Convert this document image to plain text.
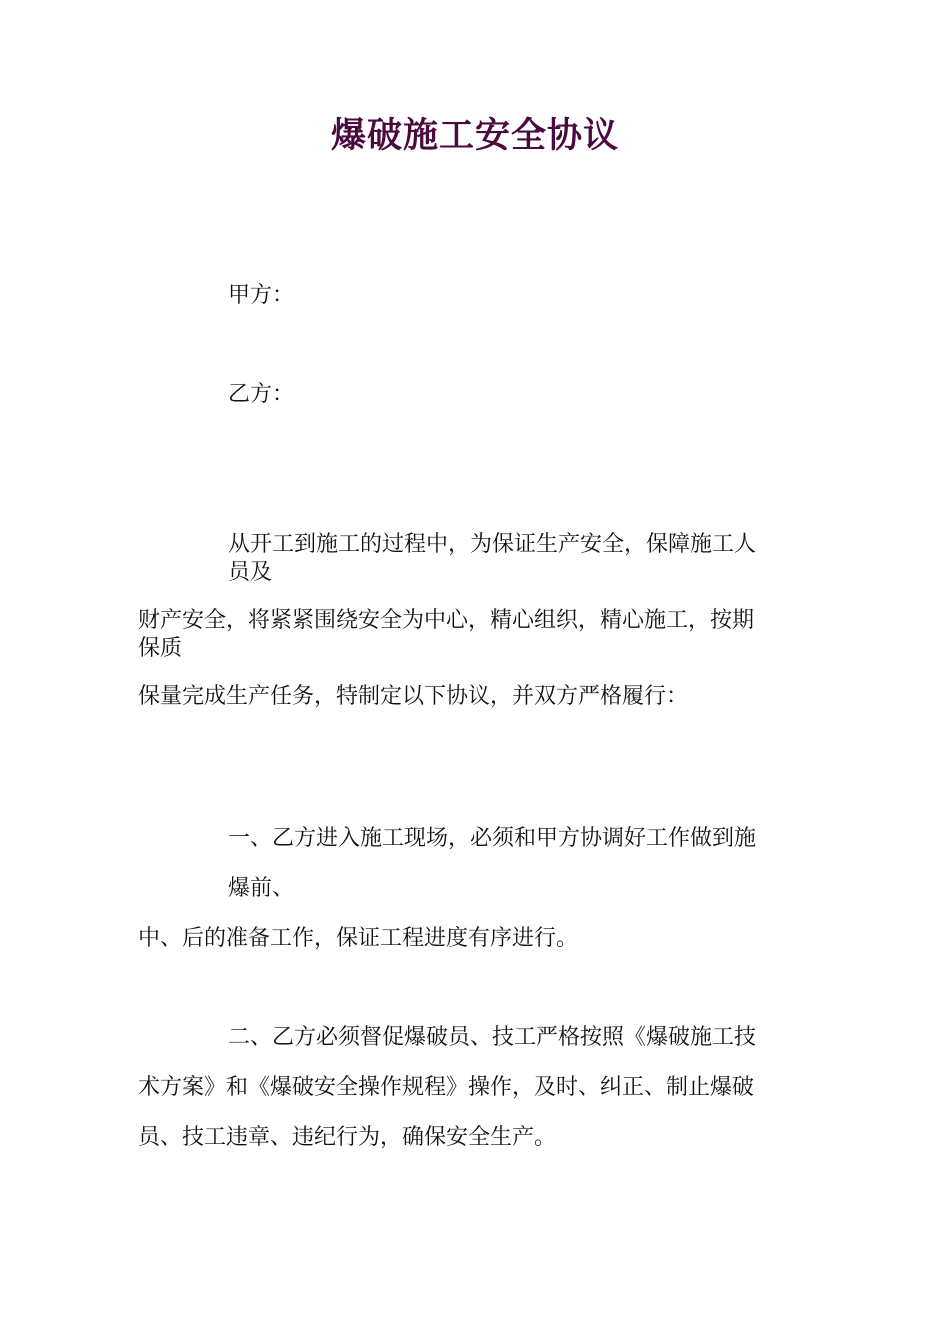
爆破施工安全协议
甲方：
乙方：
从开工到施工的过程中，为保证生产安全，保障施工人
员及
财产安全，将紧紧围绕安全为中心，精心组织，精心施工，按期
保质
保量完成生产任务，特制定以下协议，并双方严格履行：
一、乙方进入施工现场，必须和甲方协调好工作做到施
爆前、
中、后的准备工作，保证工程进度有序进行。
二、乙方必须督促爆破员、技工严格按照《爆破施工技
术方案》和《爆破安全操作规程》操作，及时、纠正、制止爆破
员、技工违章、违纪行为，确保安全生产。
